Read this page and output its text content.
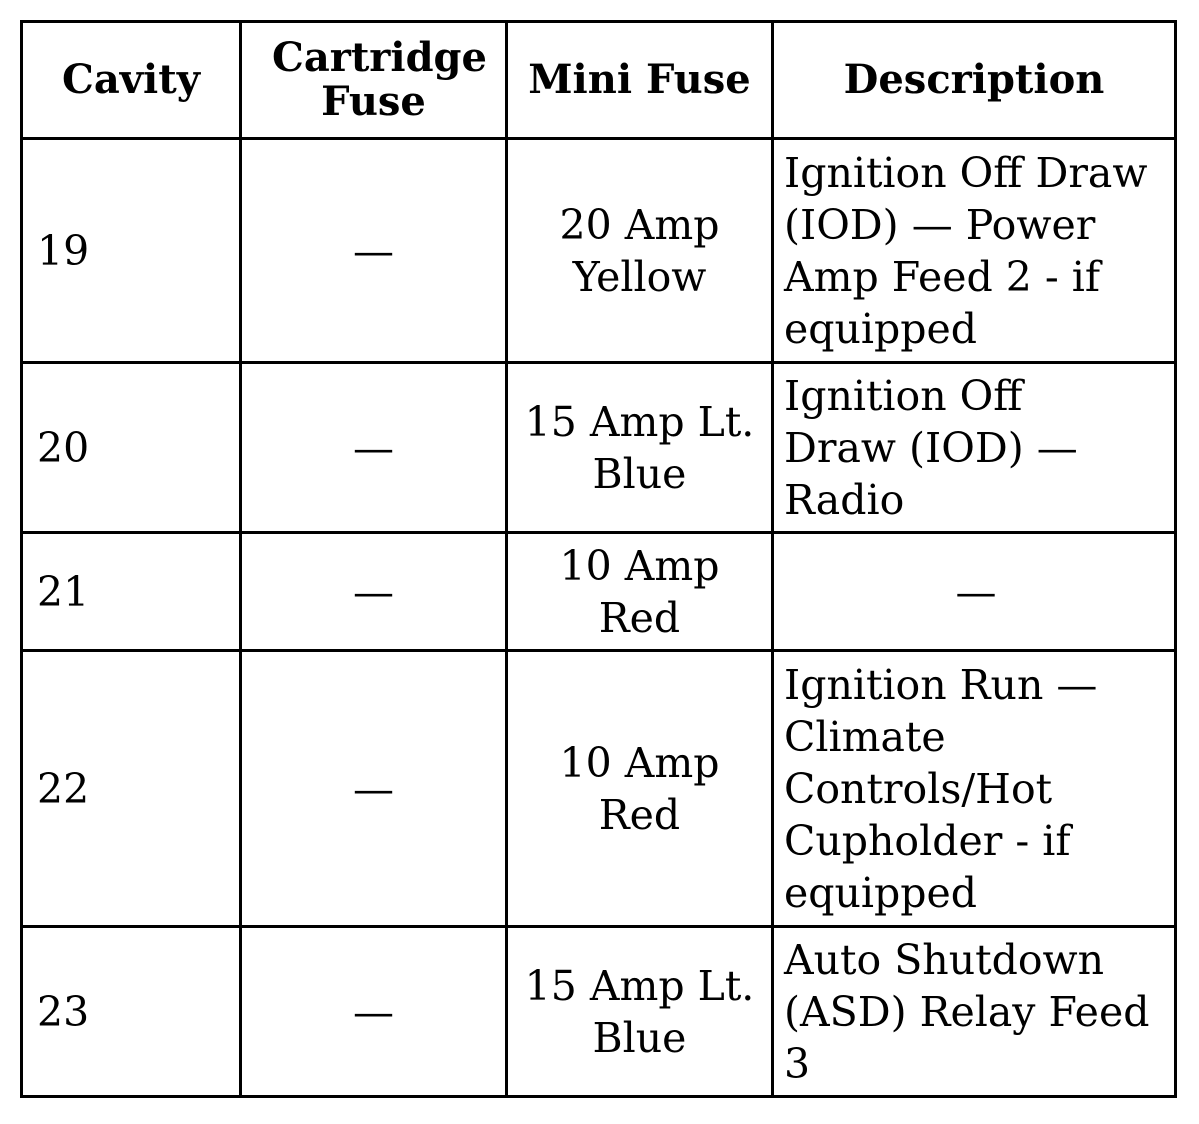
Cavity	Cartridge Fuse	Mini Fuse	Description
19	—	20 Amp Yellow	Ignition Off Draw (IOD) — Power Amp Feed 2 - if equipped
20	—	15 Amp Lt. Blue	Ignition Off Draw (IOD) — Radio
21	—	10 Amp Red	—
22	—	10 Amp Red	Ignition Run — Climate Controls/Hot Cupholder - if equipped
23	—	15 Amp Lt. Blue	Auto Shutdown (ASD) Relay Feed 3
